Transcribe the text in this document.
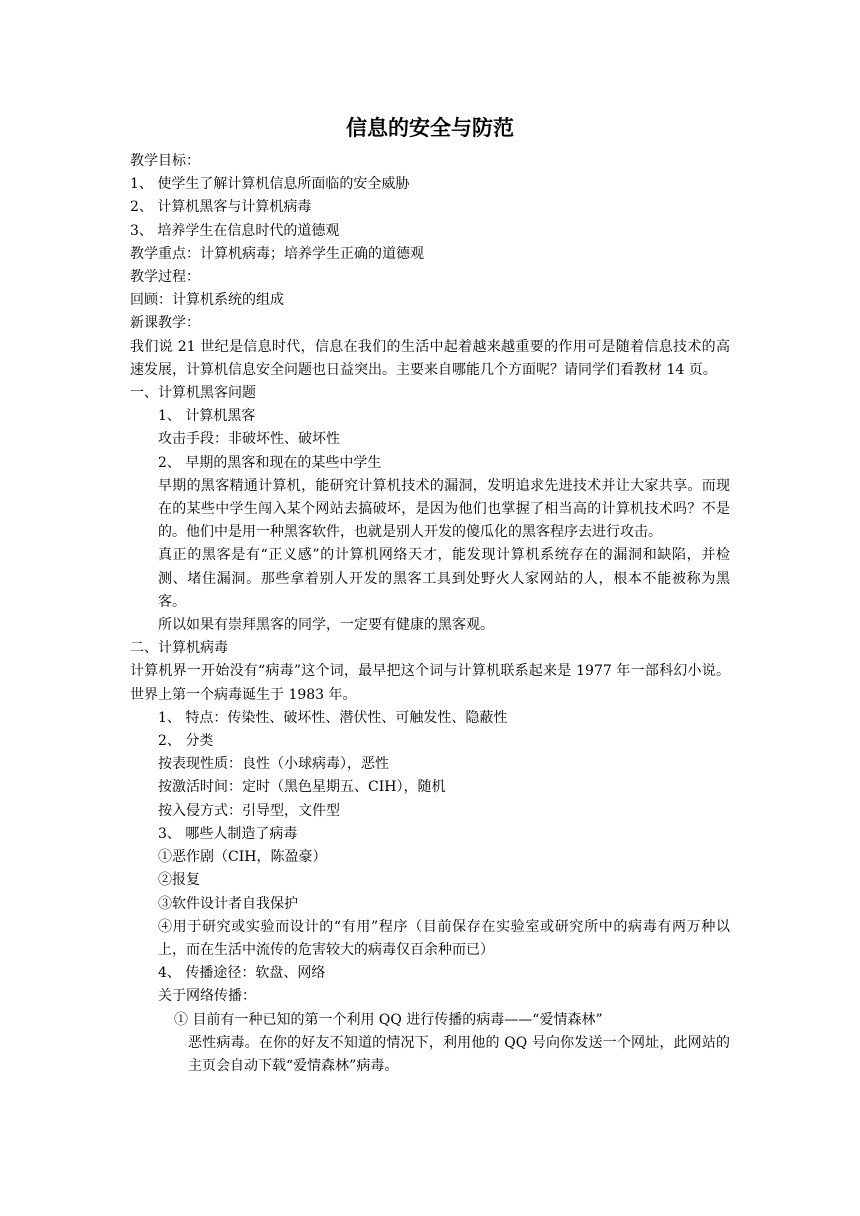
信息的安全与防范

教学目标：

1、 使学生了解计算机信息所面临的安全威胁

2、 计算机黑客与计算机病毒

3、 培养学生在信息时代的道德观

教学重点：计算机病毒；培养学生正确的道德观

教学过程：

回顾：计算机系统的组成

新课教学：

我们说 21 世纪是信息时代，信息在我们的生活中起着越来越重要的作用可是随着信息技术的高速发展，计算机信息安全问题也日益突出。主要来自哪能几个方面呢？请同学们看教材 14 页。

一、计算机黑客问题

1、 计算机黑客

攻击手段：非破坏性、破坏性

2、 早期的黑客和现在的某些中学生

早期的黑客精通计算机，能研究计算机技术的漏洞，发明追求先进技术并让大家共享。而现在的某些中学生闯入某个网站去搞破坏，是因为他们也掌握了相当高的计算机技术吗？不是的。他们中是用一种黑客软件，也就是别人开发的傻瓜化的黑客程序去进行攻击。

真正的黑客是有“正义感”的计算机网络天才，能发现计算机系统存在的漏洞和缺陷，并检测、堵住漏洞。那些拿着别人开发的黑客工具到处野火人家网站的人，根本不能被称为黑客。

所以如果有崇拜黑客的同学，一定要有健康的黑客观。

二、计算机病毒

计算机界一开始没有“病毒”这个词，最早把这个词与计算机联系起来是 1977 年一部科幻小说。世界上第一个病毒诞生于 1983 年。

1、 特点：传染性、破坏性、潜伏性、可触发性、隐蔽性

2、 分类

按表现性质：良性（小球病毒），恶性

按激活时间：定时（黑色星期五、CIH），随机

按入侵方式：引导型，文件型

3、 哪些人制造了病毒

①恶作剧（CIH，陈盈豪）

②报复

③软件设计者自我保护

④用于研究或实验而设计的“有用”程序（目前保存在实验室或研究所中的病毒有两万种以上，而在生活中流传的危害较大的病毒仅百余种而已）

4、 传播途径：软盘、网络

关于网络传播：

① 目前有一种已知的第一个利用 QQ 进行传播的病毒——“爱情森林”

恶性病毒。在你的好友不知道的情况下，利用他的 QQ 号向你发送一个网址，此网站的主页会自动下载“爱情森林”病毒。
